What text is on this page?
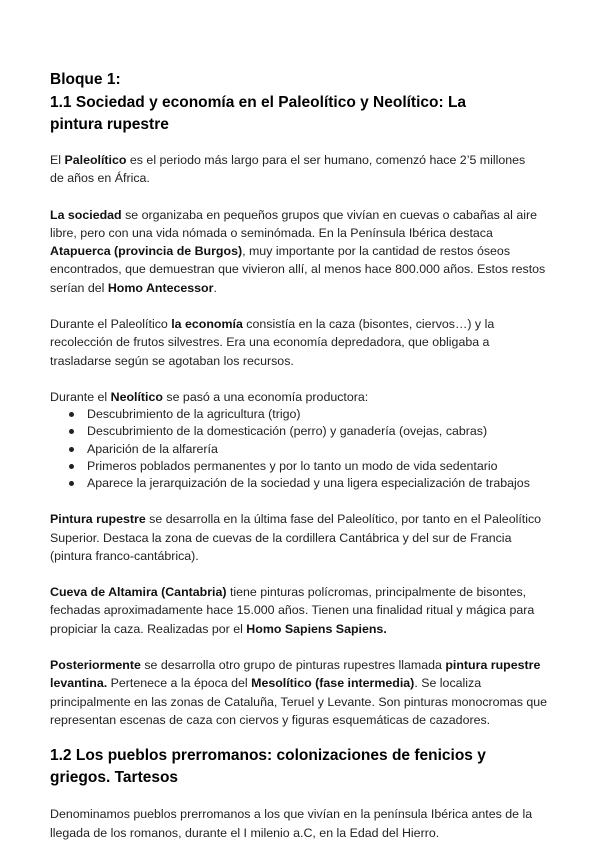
Bloque 1:
1.1 Sociedad y economía en el Paleolítico y Neolítico: La pintura rupestre

El Paleolítico es el periodo más largo para el ser humano, comenzó hace 2’5 millones de años en África.

La sociedad se organizaba en pequeños grupos que vivían en cuevas o cabañas al aire libre, pero con una vida nómada o seminómada. En la Península Ibérica destaca Atapuerca (provincia de Burgos), muy importante por la cantidad de restos óseos encontrados, que demuestran que vivieron allí, al menos hace 800.000 años. Estos restos serían del Homo Antecessor.

Durante el Paleolítico la economía consistía en la caza (bisontes, ciervos…) y la recolección de frutos silvestres. Era una economía depredadora, que obligaba a trasladarse según se agotaban los recursos.

Durante el Neolítico se pasó a una economía productora:

Descubrimiento de la agricultura (trigo)
Descubrimiento de la domesticación (perro) y ganadería (ovejas, cabras)
Aparición de la alfarería
Primeros poblados permanentes y por lo tanto un modo de vida sedentario
Aparece la jerarquización de la sociedad y una ligera especialización de trabajos

Pintura rupestre se desarrolla en la última fase del Paleolítico, por tanto en el Paleolítico Superior. Destaca la zona de cuevas de la cordillera Cantábrica y del sur de Francia (pintura franco-cantábrica).

Cueva de Altamira (Cantabria) tiene pinturas polícromas, principalmente de bisontes, fechadas aproximadamente hace 15.000 años. Tienen una finalidad ritual y mágica para propiciar la caza. Realizadas por el Homo Sapiens Sapiens.

Posteriormente se desarrolla otro grupo de pinturas rupestres llamada pintura rupestre levantina. Pertenece a la época del Mesolítico (fase intermedia). Se localiza principalmente en las zonas de Cataluña, Teruel y Levante. Son pinturas monocromas que representan escenas de caza con ciervos y figuras esquemáticas de cazadores.

1.2 Los pueblos prerromanos: colonizaciones de fenicios y griegos. Tartesos

Denominamos pueblos prerromanos a los que vivían en la península Ibérica antes de la llegada de los romanos, durante el I milenio a.C, en la Edad del Hierro.
